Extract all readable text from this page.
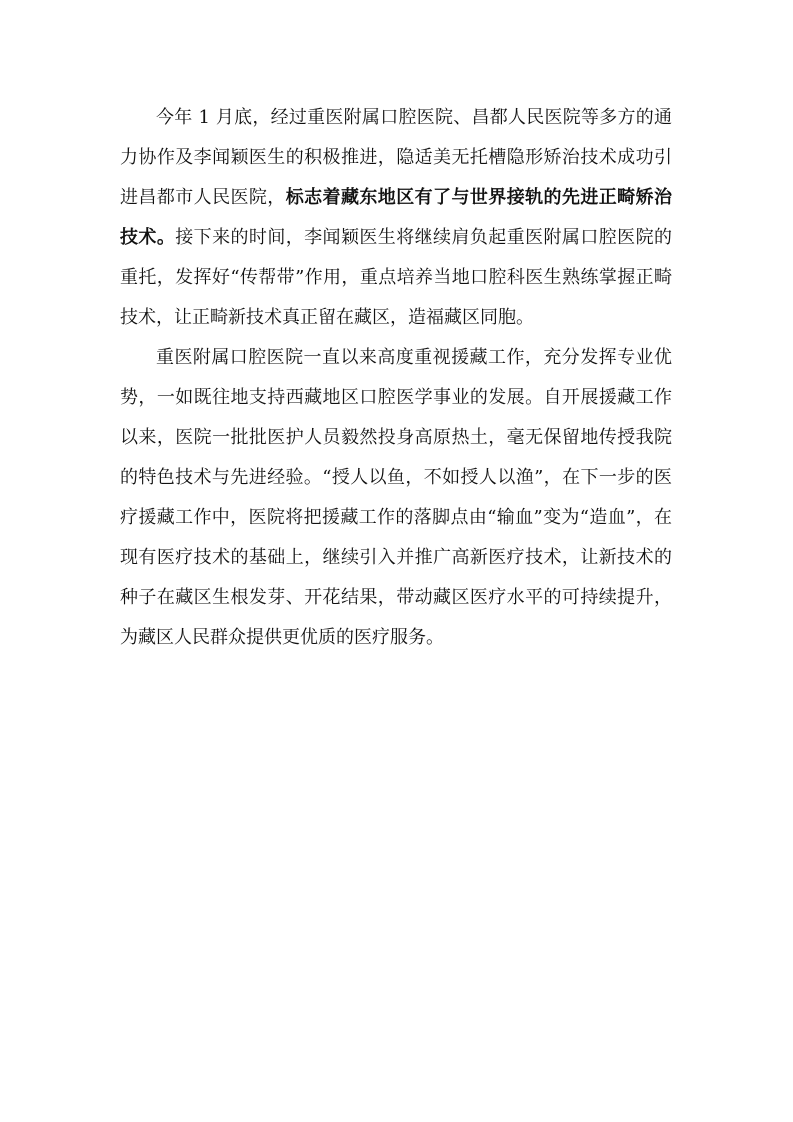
今年 1 月底，经过重医附属口腔医院、昌都人民医院等多方的通力协作及李闻颖医生的积极推进，隐适美无托槽隐形矫治技术成功引进昌都市人民医院，标志着藏东地区有了与世界接轨的先进正畸矫治技术。接下来的时间，李闻颖医生将继续肩负起重医附属口腔医院的重托，发挥好“传帮带”作用，重点培养当地口腔科医生熟练掌握正畸技术，让正畸新技术真正留在藏区，造福藏区同胞。

重医附属口腔医院一直以来高度重视援藏工作，充分发挥专业优势，一如既往地支持西藏地区口腔医学事业的发展。自开展援藏工作以来，医院一批批医护人员毅然投身高原热土，毫无保留地传授我院的特色技术与先进经验。“授人以鱼，不如授人以渔”，在下一步的医疗援藏工作中，医院将把援藏工作的落脚点由“输血”变为“造血”，在现有医疗技术的基础上，继续引入并推广高新医疗技术，让新技术的种子在藏区生根发芽、开花结果，带动藏区医疗水平的可持续提升，为藏区人民群众提供更优质的医疗服务。
